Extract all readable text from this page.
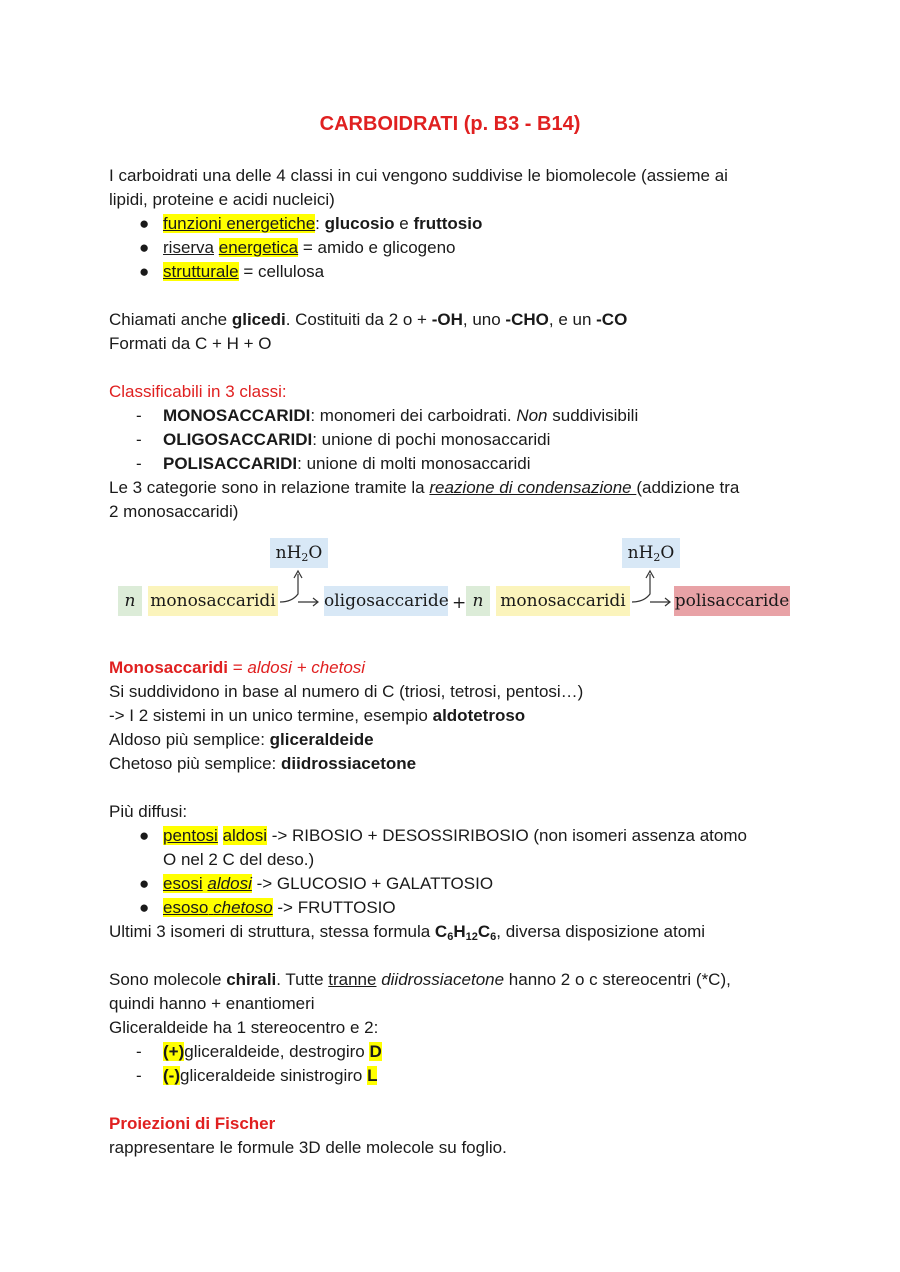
CARBOIDRATI (p. B3 - B14)
I carboidrati una delle 4 classi in cui vengono suddivise le biomolecole (assieme ai
lipidi, proteine e acidi nucleici)
● funzioni energetiche: glucosio e fruttosio
● riserva energetica = amido e glicogeno
● strutturale = cellulosa
Chiamati anche glicedi. Costituiti da 2 o + -OH, uno -CHO, e un -CO
Formati da C + H + O
Classificabili in 3 classi:
- MONOSACCARIDI: monomeri dei carboidrati. Non suddivisibili
- OLIGOSACCARIDI: unione di pochi monosaccaridi
- POLISACCARIDI: unione di molti monosaccaridi
Le 3 categorie sono in relazione tramite la reazione di condensazione (addizione tra
2 monosaccaridi)
Monosaccaridi = aldosi + chetosi
Si suddividono in base al numero di C (triosi, tetrosi, pentosi…)
-> I 2 sistemi in un unico termine, esempio aldotetroso
Aldoso più semplice: gliceraldeide
Chetoso più semplice: diidrossiacetone
Più diffusi:
● pentosi aldosi -> RIBOSIO + DESOSSIRIBOSIO (non isomeri assenza atomo
O nel 2 C del deso.)
● esosi aldosi -> GLUCOSIO + GALATTOSIO
● esoso chetoso -> FRUTTOSIO
Ultimi 3 isomeri di struttura, stessa formula $C_6H_{12}C_6$, diversa disposizione atomi
Sono molecole chirali. Tutte tranne diidrossiacetone hanno 2 o c stereocentri (*C),
quindi hanno + enantiomeri
Gliceraldeide ha 1 stereocentro e 2:
- (+)gliceraldeide, destrogiro D
- (-)gliceraldeide sinistrogiro L
Proiezioni di Fischer
rappresentare le formule 3D delle molecole su foglio.
n monosaccaridi
$nH_2O$
oligosaccaride + n monosaccaridi
$nH_2O$
polisaccaride
